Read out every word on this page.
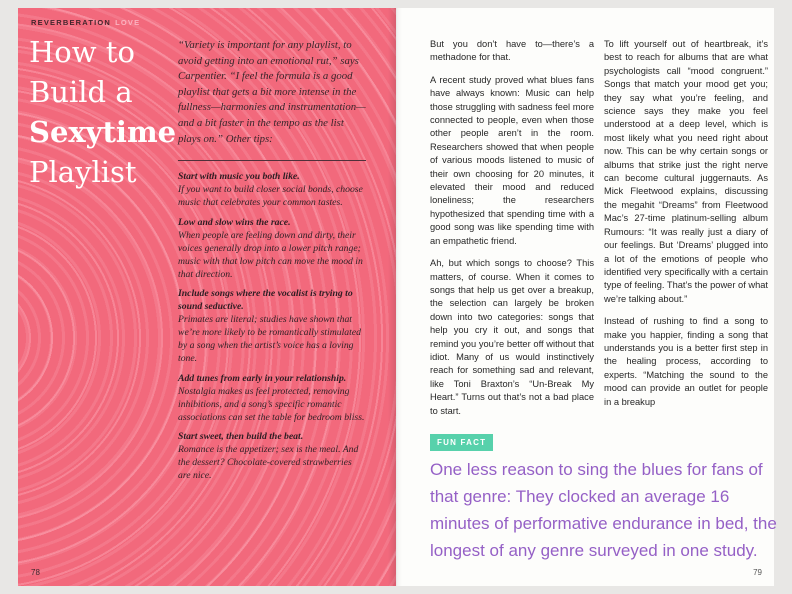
REVERBERATION LOVE
How to
Build a
Sexytime
Playlist
“Variety is important for any playlist, to avoid getting into an emotional rut,” says Carpentier. “I feel the formula is a good playlist that gets a bit more intense in the fullness—harmonies and instrumentation—and a bit faster in the tempo as the list plays on.” Other tips:
Start with music you both like.
If you want to build closer social bonds, choose music that celebrates your common tastes.
Low and slow wins the race.
When people are feeling down and dirty, their voices generally drop into a lower pitch range; music with that low pitch can move the mood in that direction.
Include songs where the vocalist is trying to sound seductive.
Primates are literal; studies have shown that we’re more likely to be romantically stimulated by a song when the artist’s voice has a loving tone.
Add tunes from early in your relationship.
Nostalgia makes us feel protected, removing inhibitions, and a song’s specific romantic associations can set the table for bedroom bliss.
Start sweet, then build the beat.
Romance is the appetizer; sex is the meal. And the dessert? Chocolate-covered strawberries are nice.
78

But you don’t have to—there’s a methadone for that.

A recent study proved what blues fans have always known: Music can help those struggling with sadness feel more connected to people, even when those other people aren’t in the room. Researchers showed that when people of various moods listened to music of their own choosing for 20 minutes, it elevated their mood and reduced loneliness; the researchers hypothesized that spending time with a good song was like spending time with an empathetic friend.

Ah, but which songs to choose? This matters, of course. When it comes to songs that help us get over a breakup, the selection can largely be broken down into two categories: songs that help you cry it out, and songs that remind you you’re better off without that idiot. Many of us would instinctively reach for something sad and relevant, like Toni Braxton’s “Un-Break My Heart.” Turns out that’s not a bad place to start.

To lift yourself out of heartbreak, it’s best to reach for albums that are what psychologists call “mood congruent.” Songs that match your mood get you; they say what you’re feeling, and science says they make you feel understood at a deep level, which is most likely what you need right about now. This can be why certain songs or albums that strike just the right nerve can become cultural juggernauts. As Mick Fleetwood explains, discussing the megahit “Dreams” from Fleetwood Mac’s 27-time platinum-selling album Rumours: “It was really just a diary of our feelings. But ‘Dreams’ plugged into a lot of the emotions of people who identified very specifically with a certain type of feeling. That’s the power of what we’re talking about.”

Instead of rushing to find a song to make you happier, finding a song that understands you is a better first step in the healing process, according to experts. “Matching the sound to the mood can provide an outlet for people in a breakup

FUN FACT
One less reason to sing the blues for fans of that genre: They clocked an average 16 minutes of performative endurance in bed, the longest of any genre surveyed in one study.
79
